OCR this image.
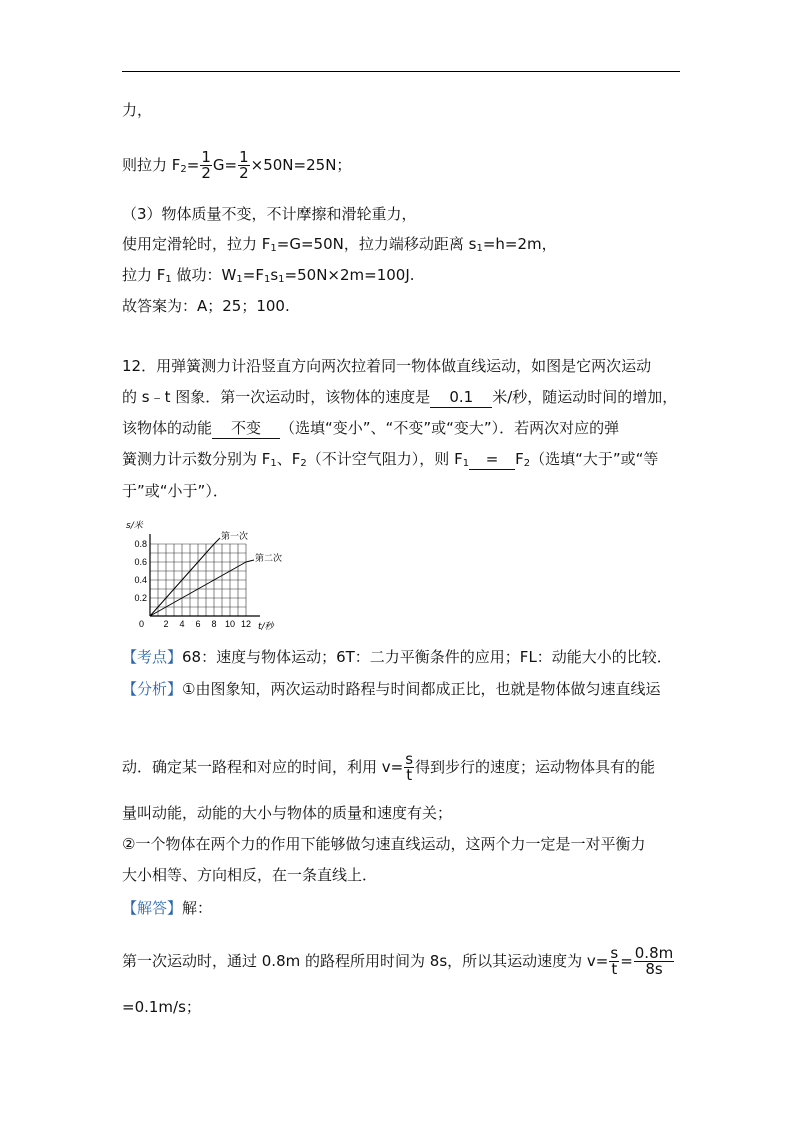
力，
则拉力 $F_2= \frac{1}{2} G= \frac{1}{2} \times 50N=25N$；
（3）物体质量不变，不计摩擦和滑轮重力，
使用定滑轮时，拉力 $F_1=G=50N$，拉力端移动距离 $s_1=h=2m$，
拉力 $F_1$ 做功：$W_1=F_1s_1=50N\times 2m=100J$.
故答案为：A；25；100.
12．用弹簧测力计沿竖直方向两次拉着同一物体做直线运动，如图是它两次运动
的 s﹣t 图象．第一次运动时，该物体的速度是 0.1 米/秒，随运动时间的增加，
该物体的动能 不变 （选填“变小”、“不变”或“变大”）．若两次对应的弹
簧测力计示数分别为 $F_1$、$F_2$（不计空气阻力），则 $F_1 = F_2$（选填“大于”或“等
于”或“小于”）．
0.2
0.4
0.6
0.8
2 4 6 8 10 12
0
s/米
t/秒
第一次
第二次
【考点】68：速度与物体运动；6T：二力平衡条件的应用；FL：动能大小的比较．
【分析】①由图象知，两次运动时路程与时间都成正比，也就是物体做匀速直线运
动．确定某一路程和对应的时间，利用 $v= \frac{s}{t}$ 得到步行的速度；运动物体具有的能
量叫动能，动能的大小与物体的质量和速度有关；
②一个物体在两个力的作用下能够做匀速直线运动，这两个力一定是一对平衡力
大小相等、方向相反，在一条直线上．
【解答】解：
第一次运动时，通过 0.8m 的路程所用时间为 8s，所以其运动速度为 $v= \frac{s}{t} = \frac{0.8m}{8s}$
=0.1m/s；
